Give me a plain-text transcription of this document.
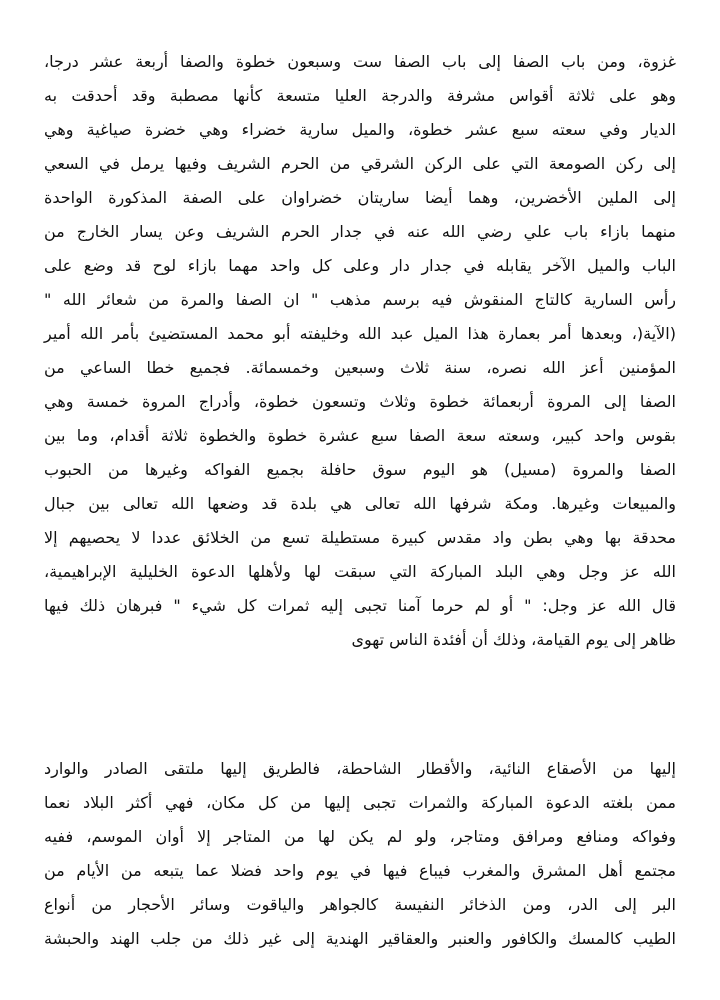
غزوة، ومن باب الصفا إلى باب الصفا ست وسبعون خطوة والصفا أربعة عشر درجا،
وهو على ثلاثة أقواس مشرفة والدرجة العليا متسعة كأنها مصطبة وقد أحدقت به
الديار وفي سعته سبع عشر خطوة، والميل سارية خضراء وهي خضرة صياغية وهي
إلى ركن الصومعة التي على الركن الشرقي من الحرم الشريف وفيها يرمل في السعي
إلى الملين الأخضرين، وهما أيضا ساريتان خضراوان على الصفة المذكورة الواحدة
منهما بازاء باب علي رضي الله عنه في جدار الحرم الشريف وعن يسار الخارج من
الباب والميل الآخر يقابله في جدار دار وعلى كل واحد مهما بازاء لوح قد وضع على
رأس السارية كالتاج المنقوش فيه برسم مذهب " ان الصفا والمرة من شعائر الله "
(الآية(، وبعدها أمر بعمارة هذا الميل عبد الله وخليفته أبو محمد المستضيئ بأمر الله أمير
المؤمنين أعز الله نصره، سنة ثلاث وسبعين وخمسمائة. فجميع خطا الساعي من
الصفا إلى المروة أربعمائة خطوة وثلاث وتسعون خطوة، وأدراج المروة خمسة وهي
بقوس واحد كبير، وسعته سعة الصفا سبع عشرة خطوة والخطوة ثلاثة أقدام، وما بين
الصفا والمروة (مسيل) هو اليوم سوق حافلة بجميع الفواكه وغيرها من الحبوب
والمبيعات وغيرها. ومكة شرفها الله تعالى هي بلدة قد وضعها الله تعالى بين جبال
محدقة بها وهي بطن واد مقدس كبيرة مستطيلة تسع من الخلائق عددا لا يحصيهم إلا
الله عز وجل وهي البلد المباركة التي سبقت لها ولأهلها الدعوة الخليلية الإبراهيمية،
قال الله عز وجل: " أو لم حرما آمنا تجبى إليه ثمرات كل شيء " فبرهان ذلك فيها
ظاهر إلى يوم القيامة، وذلك أن أفئدة الناس تهوى
إليها من الأصقاع النائية، والأقطار الشاحطة، فالطريق إليها ملتقى الصادر والوارد
ممن بلغته الدعوة المباركة والثمرات تجبى إليها من كل مكان، فهي أكثر البلاد نعما
وفواكه ومنافع ومرافق ومتاجر، ولو لم يكن لها من المتاجر إلا أوان الموسم، ففيه
مجتمع أهل المشرق والمغرب فيباع فيها في يوم واحد فضلا عما يتبعه من الأيام من
البر إلى الدر، ومن الذخائر النفيسة كالجواهر والياقوت وسائر الأحجار من أنواع
الطيب كالمسك والكافور والعنبر والعقاقير الهندية إلى غير ذلك من جلب الهند والحبشة
